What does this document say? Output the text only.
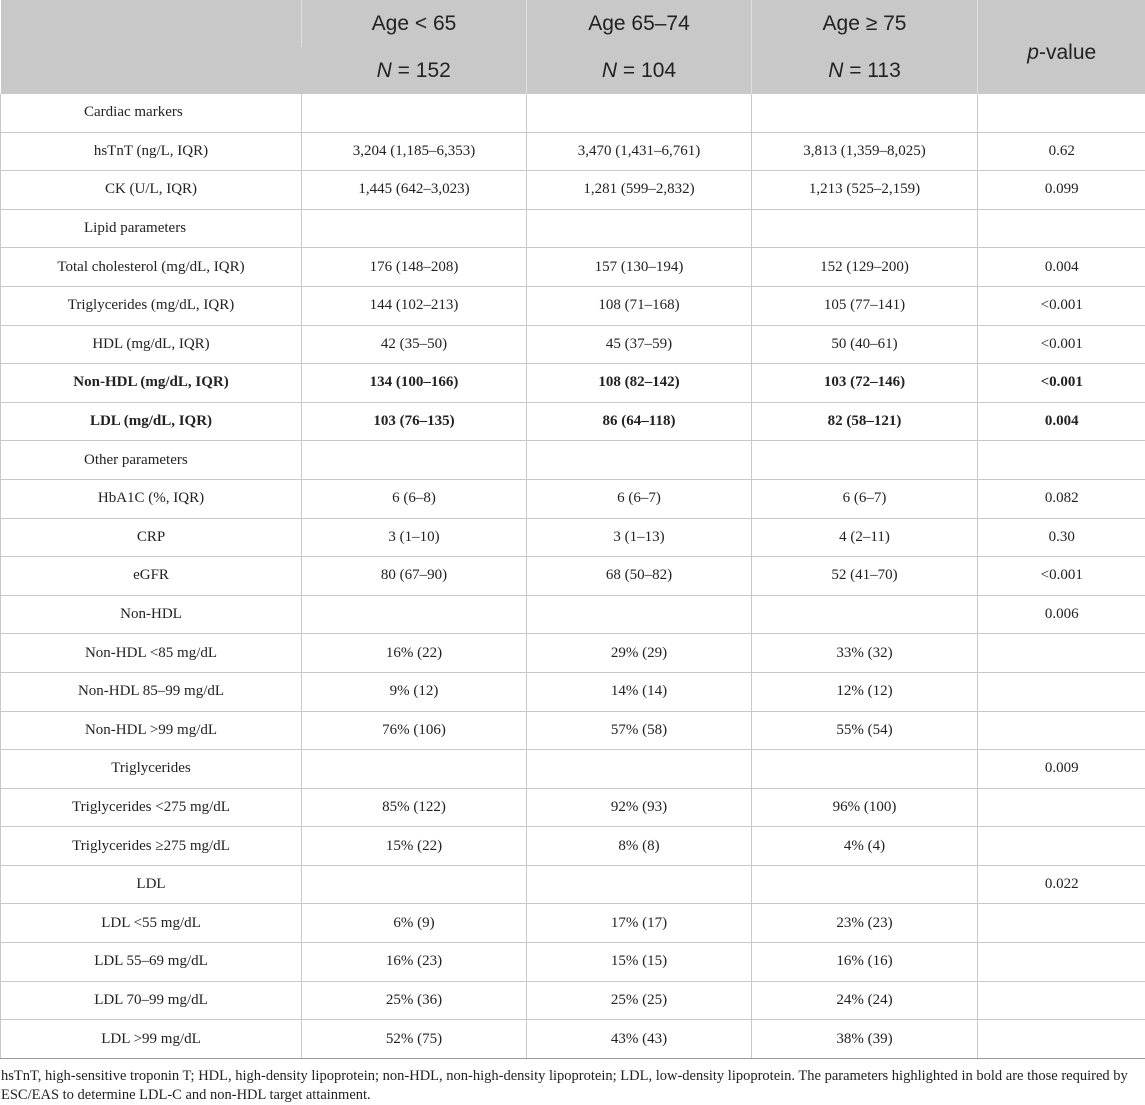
	Age < 65	Age 65–74	Age ≥ 75	p-value
	N = 152	N = 104	N = 113	
Cardiac markers				
hsTnT (ng/L, IQR)	3,204 (1,185–6,353)	3,470 (1,431–6,761)	3,813 (1,359–8,025)	0.62
CK (U/L, IQR)	1,445 (642–3,023)	1,281 (599–2,832)	1,213 (525–2,159)	0.099
Lipid parameters				
Total cholesterol (mg/dL, IQR)	176 (148–208)	157 (130–194)	152 (129–200)	0.004
Triglycerides (mg/dL, IQR)	144 (102–213)	108 (71–168)	105 (77–141)	<0.001
HDL (mg/dL, IQR)	42 (35–50)	45 (37–59)	50 (40–61)	<0.001
Non-HDL (mg/dL, IQR)	134 (100–166)	108 (82–142)	103 (72–146)	<0.001
LDL (mg/dL, IQR)	103 (76–135)	86 (64–118)	82 (58–121)	0.004
Other parameters				
HbA1C (%, IQR)	6 (6–8)	6 (6–7)	6 (6–7)	0.082
CRP	3 (1–10)	3 (1–13)	4 (2–11)	0.30
eGFR	80 (67–90)	68 (50–82)	52 (41–70)	<0.001
Non-HDL				0.006
Non-HDL <85 mg/dL	16% (22)	29% (29)	33% (32)	
Non-HDL 85–99 mg/dL	9% (12)	14% (14)	12% (12)	
Non-HDL >99 mg/dL	76% (106)	57% (58)	55% (54)	
Triglycerides				0.009
Triglycerides <275 mg/dL	85% (122)	92% (93)	96% (100)	
Triglycerides ≥275 mg/dL	15% (22)	8% (8)	4% (4)	
LDL				0.022
LDL <55 mg/dL	6% (9)	17% (17)	23% (23)	
LDL 55–69 mg/dL	16% (23)	15% (15)	16% (16)	
LDL 70–99 mg/dL	25% (36)	25% (25)	24% (24)	
LDL >99 mg/dL	52% (75)	43% (43)	38% (39)	
hsTnT, high-sensitive troponin T; HDL, high-density lipoprotein; non-HDL, non-high-density lipoprotein; LDL, low-density lipoprotein. The parameters highlighted in bold are those required by ESC/EAS to determine LDL-C and non-HDL target attainment.
